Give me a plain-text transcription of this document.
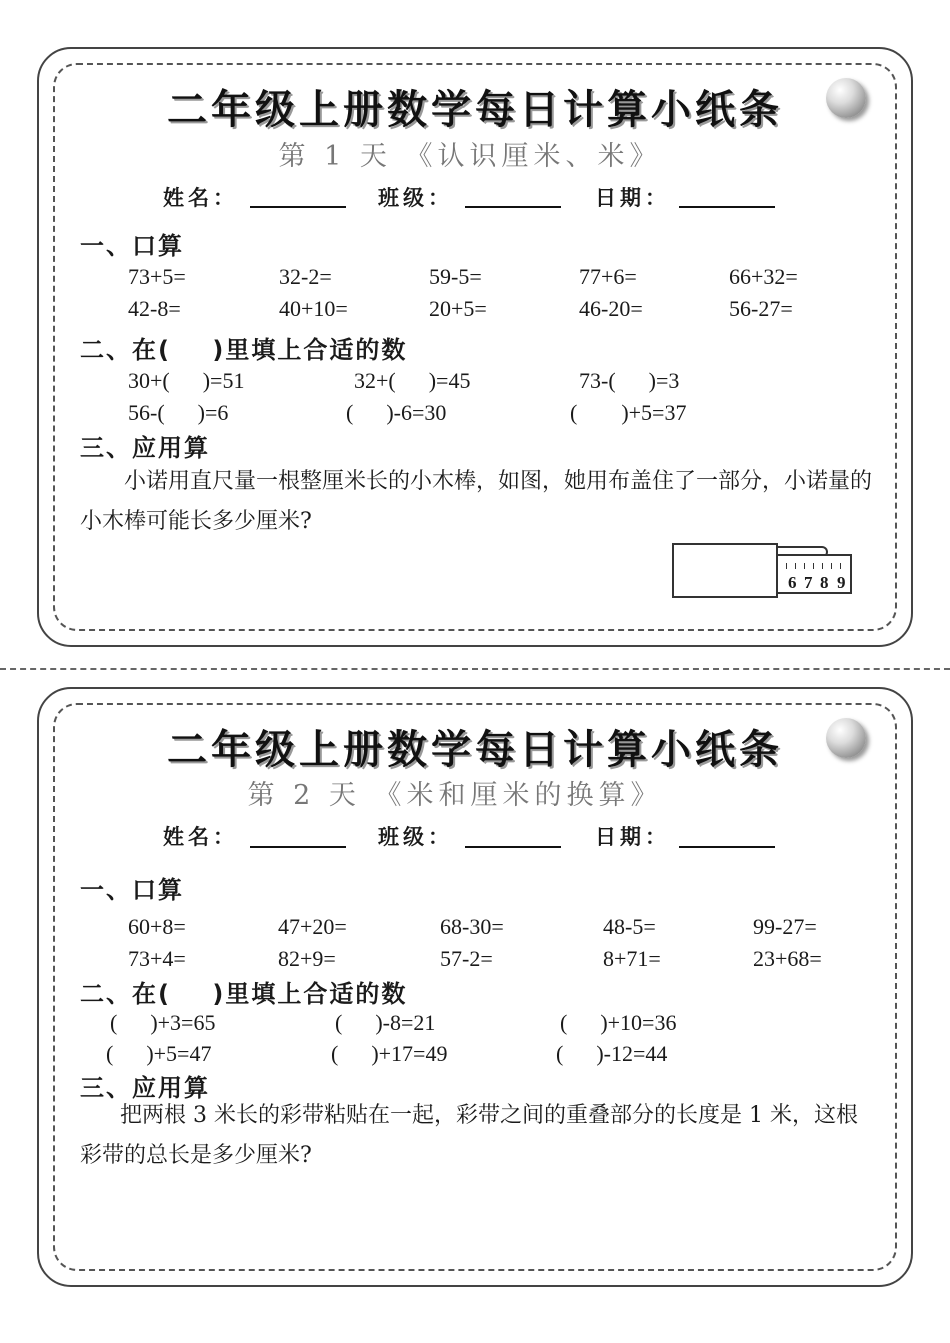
二年级上册数学每日计算小纸条
第 1 天 《认识厘米、米》
姓名：	班级：	日期：
一、口算
73+5=	32-2=	59-5=	77+6=	66+32=
42-8=	40+10=	20+5=	46-20=	56-27=
二、在(    )里填上合适的数
30+(      )=51	32+(      )=45	73-(      )=3
56-(      )=6	(      )-6=30	(        )+5=37
三、应用算
小诺用直尺量一根整厘米长的小木棒，如图，她用布盖住了一部分，小诺量的小木棒可能长多少厘米?
6 7 8 9
二年级上册数学每日计算小纸条
第 2 天 《米和厘米的换算》
姓名：	班级：	日期：
一、口算
60+8=	47+20=	68-30=	48-5=	99-27=
73+4=	82+9=	57-2=	8+71=	23+68=
二、在(    )里填上合适的数
(      )+3=65	(      )-8=21	(      )+10=36
(      )+5=47	(      )+17=49	(      )-12=44
三、应用算
把两根 3 米长的彩带粘贴在一起，彩带之间的重叠部分的长度是 1 米，这根彩带的总长是多少厘米?
